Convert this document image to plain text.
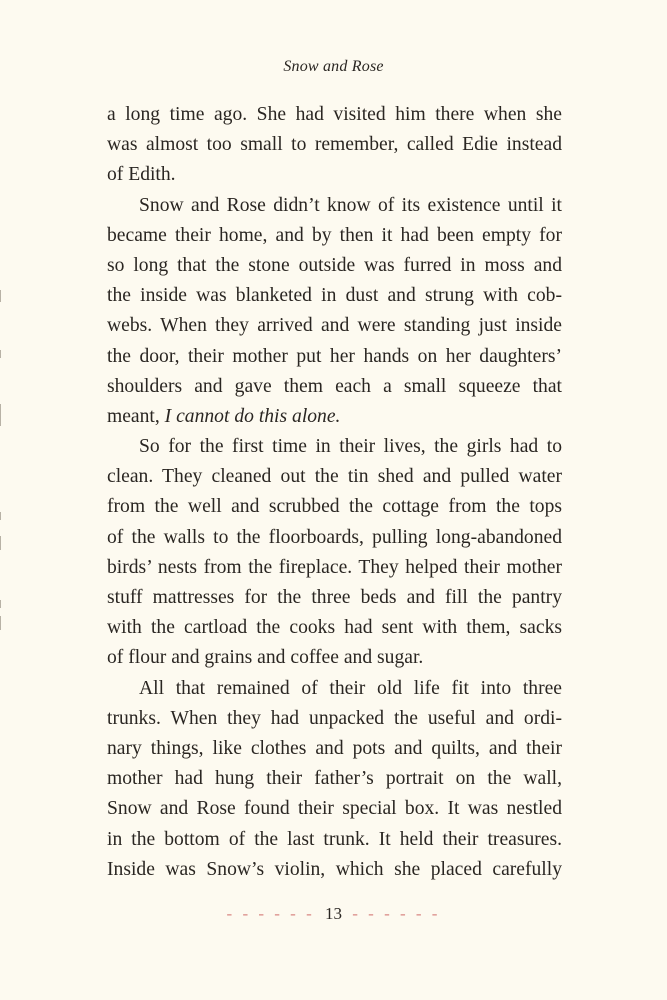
Snow and Rose
a long time ago. She had visited him there when she
was almost too small to remember, called Edie instead
of Edith.
Snow and Rose didn’t know of its existence until it
became their home, and by then it had been empty for
so long that the stone outside was furred in moss and
the inside was blanketed in dust and strung with cob-
webs. When they arrived and were standing just inside
the door, their mother put her hands on her daughters’
shoulders and gave them each a small squeeze that
meant, I cannot do this alone.
So for the first time in their lives, the girls had to
clean. They cleaned out the tin shed and pulled water
from the well and scrubbed the cottage from the tops
of the walls to the floorboards, pulling long-abandoned
birds’ nests from the fireplace. They helped their mother
stuff mattresses for the three beds and fill the pantry
with the cartload the cooks had sent with them, sacks
of flour and grains and coffee and sugar.
All that remained of their old life fit into three
trunks. When they had unpacked the useful and ordi-
nary things, like clothes and pots and quilts, and their
mother had hung their father’s portrait on the wall,
Snow and Rose found their special box. It was nestled
in the bottom of the last trunk. It held their treasures.
Inside was Snow’s violin, which she placed carefully
- - - - - - 13 - - - - - -
